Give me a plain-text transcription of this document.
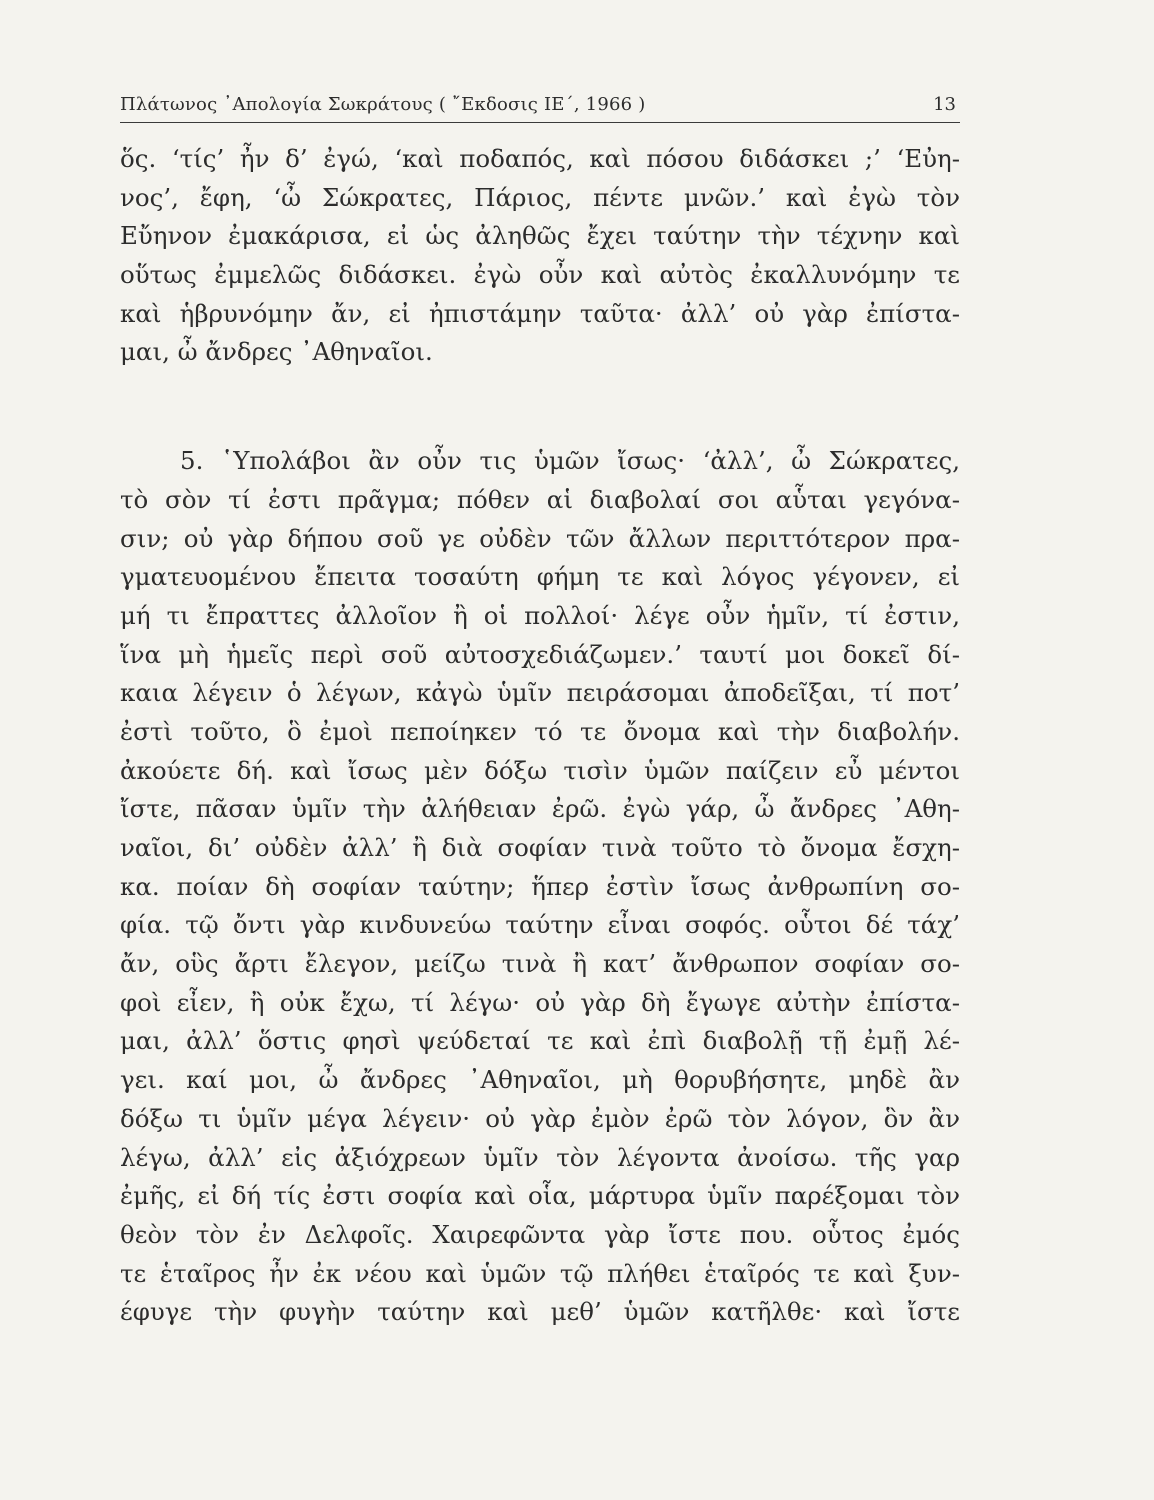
Πλάτωνος ᾿Απολογία Σωκράτους ( ῎Εκδοσις ΙΕ΄, 1966 )	13
ὅς. ‘τίς’ ἦν δ’ ἐγώ, ‘καὶ ποδαπός, καὶ πόσου διδάσκει ;’ ‘Εὐη-
νος’, ἔφη, ‘ὦ Σώκρατες, Πάριος, πέντε μνῶν.’ καὶ ἐγὼ τὸν
Εὔηνον ἐμακάρισα, εἰ ὡς ἀληθῶς ἔχει ταύτην τὴν τέχνην καὶ
οὕτως ἐμμελῶς διδάσκει. ἐγὼ οὖν καὶ αὐτὸς ἐκαλλυνόμην τε
καὶ ἡβρυνόμην ἄν, εἰ ἠπιστάμην ταῦτα· ἀλλ’ οὐ γὰρ ἐπίστα-
μαι, ὦ ἄνδρες ᾿Αθηναῖοι.
5. ῾Υπολάβοι ἂν οὖν τις ὑμῶν ἴσως· ‘ἀλλ’, ὦ Σώκρατες,
τὸ σὸν τί ἐστι πρᾶγμα; πόθεν αἱ διαβολαί σοι αὗται γεγόνα-
σιν; οὐ γὰρ δήπου σοῦ γε οὐδὲν τῶν ἄλλων περιττότερον πρα-
γματευομένου ἔπειτα τοσαύτη φήμη τε καὶ λόγος γέγονεν, εἰ
μή τι ἔπραττες ἀλλοῖον ἢ οἱ πολλοί· λέγε οὖν ἡμῖν, τί ἐστιν,
ἵνα μὴ ἡμεῖς περὶ σοῦ αὐτοσχεδιάζωμεν.’ ταυτί μοι δοκεῖ δί-
καια λέγειν ὁ λέγων, κἀγὼ ὑμῖν πειράσομαι ἀποδεῖξαι, τί ποτ’
ἐστὶ τοῦτο, ὃ ἐμοὶ πεποίηκεν τό τε ὄνομα καὶ τὴν διαβολήν.
ἀκούετε δή. καὶ ἴσως μὲν δόξω τισὶν ὑμῶν παίζειν εὖ μέντοι
ἴστε, πᾶσαν ὑμῖν τὴν ἀλήθειαν ἐρῶ. ἐγὼ γάρ, ὦ ἄνδρες ᾿Αθη-
ναῖοι, δι’ οὐδὲν ἀλλ’ ἢ διὰ σοφίαν τινὰ τοῦτο τὸ ὄνομα ἔσχη-
κα. ποίαν δὴ σοφίαν ταύτην; ἥπερ ἐστὶν ἴσως ἀνθρωπίνη σο-
φία. τῷ ὄντι γὰρ κινδυνεύω ταύτην εἶναι σοφός. οὗτοι δέ τάχ’
ἄν, οὓς ἄρτι ἔλεγον, μείζω τινὰ ἢ κατ’ ἄνθρωπον σοφίαν σο-
φοὶ εἶεν, ἢ οὐκ ἔχω, τί λέγω· οὐ γὰρ δὴ ἔγωγε αὐτὴν ἐπίστα-
μαι, ἀλλ’ ὅστις φησὶ ψεύδεταί τε καὶ ἐπὶ διαβολῇ τῇ ἐμῇ λέ-
γει. καί μοι, ὦ ἄνδρες ᾿Αθηναῖοι, μὴ θορυβήσητε, μηδὲ ἂν
δόξω τι ὑμῖν μέγα λέγειν· οὐ γὰρ ἐμὸν ἐρῶ τὸν λόγον, ὃν ἂν
λέγω, ἀλλ’ εἰς ἀξιόχρεων ὑμῖν τὸν λέγοντα ἀνοίσω. τῆς γαρ
ἐμῆς, εἰ δή τίς ἐστι σοφία καὶ οἷα, μάρτυρα ὑμῖν παρέξομαι τὸν
θεὸν τὸν ἐν Δελφοῖς. Χαιρεφῶντα γὰρ ἴστε που. οὗτος ἐμός
τε ἑταῖρος ἦν ἐκ νέου καὶ ὑμῶν τῷ πλήθει ἑταῖρός τε καὶ ξυν-
έφυγε τὴν φυγὴν ταύτην καὶ μεθ’ ὑμῶν κατῆλθε· καὶ ἴστε
